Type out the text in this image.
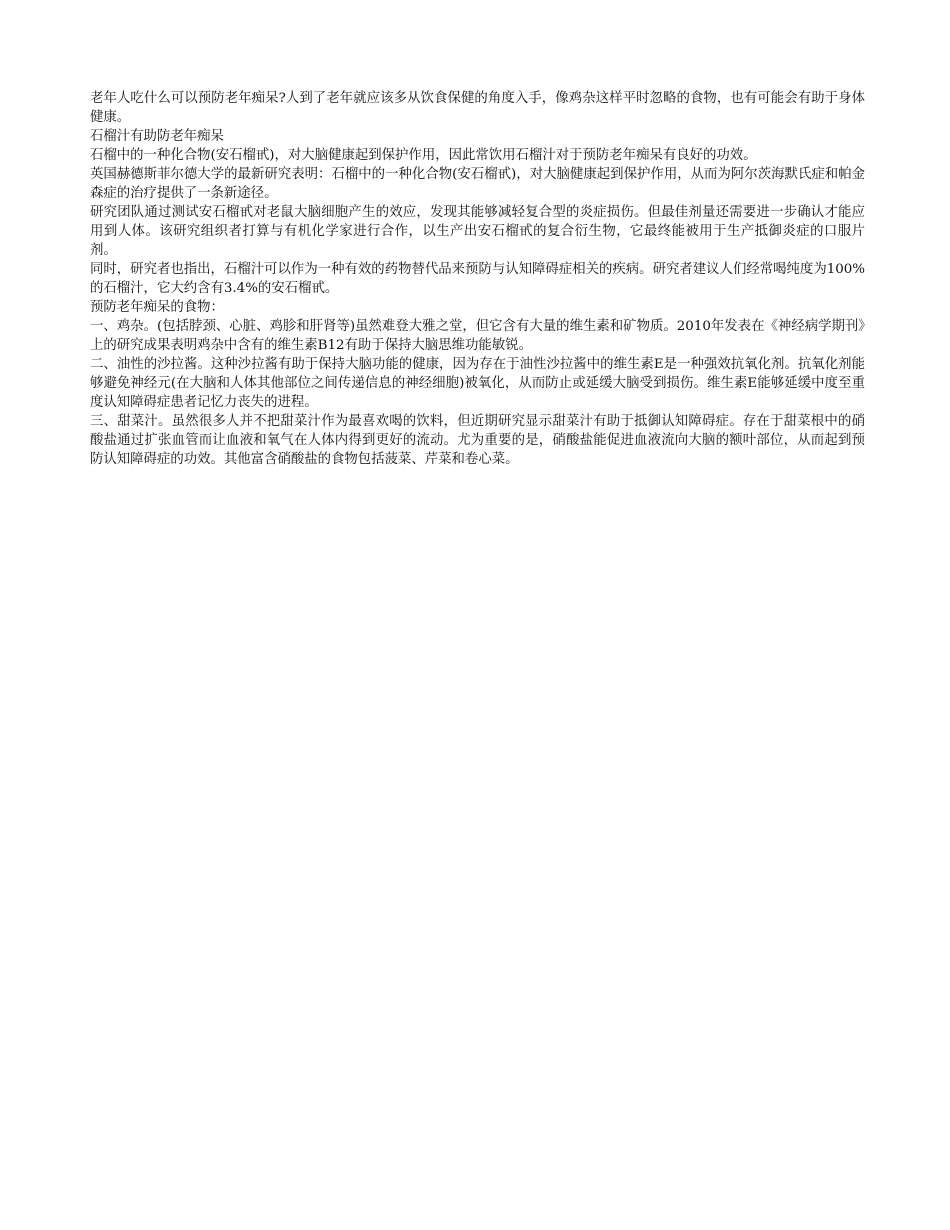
老年人吃什么可以预防老年痴呆?人到了老年就应该多从饮食保健的角度入手，像鸡杂这样平时忽略的食物，也有可能会有助于身体健康。

石榴汁有助防老年痴呆

石榴中的一种化合物(安石榴甙)，对大脑健康起到保护作用，因此常饮用石榴汁对于预防老年痴呆有良好的功效。

英国赫德斯菲尔德大学的最新研究表明：石榴中的一种化合物(安石榴甙)，对大脑健康起到保护作用，从而为阿尔茨海默氏症和帕金森症的治疗提供了一条新途径。

研究团队通过测试安石榴甙对老鼠大脑细胞产生的效应，发现其能够减轻复合型的炎症损伤。但最佳剂量还需要进一步确认才能应用到人体。该研究组织者打算与有机化学家进行合作，以生产出安石榴甙的复合衍生物，它最终能被用于生产抵御炎症的口服片剂。

同时，研究者也指出，石榴汁可以作为一种有效的药物替代品来预防与认知障碍症相关的疾病。研究者建议人们经常喝纯度为100%的石榴汁，它大约含有3.4%的安石榴甙。

预防老年痴呆的食物：

一、鸡杂。(包括脖颈、心脏、鸡胗和肝肾等)虽然难登大雅之堂，但它含有大量的维生素和矿物质。2010年发表在《神经病学期刊》上的研究成果表明鸡杂中含有的维生素B12有助于保持大脑思维功能敏锐。

二、油性的沙拉酱。这种沙拉酱有助于保持大脑功能的健康，因为存在于油性沙拉酱中的维生素E是一种强效抗氧化剂。抗氧化剂能够避免神经元(在大脑和人体其他部位之间传递信息的神经细胞)被氧化，从而防止或延缓大脑受到损伤。维生素E能够延缓中度至重度认知障碍症患者记忆力丧失的进程。

三、甜菜汁。虽然很多人并不把甜菜汁作为最喜欢喝的饮料，但近期研究显示甜菜汁有助于抵御认知障碍症。存在于甜菜根中的硝酸盐通过扩张血管而让血液和氧气在人体内得到更好的流动。尤为重要的是，硝酸盐能促进血液流向大脑的额叶部位，从而起到预防认知障碍症的功效。其他富含硝酸盐的食物包括菠菜、芹菜和卷心菜。
